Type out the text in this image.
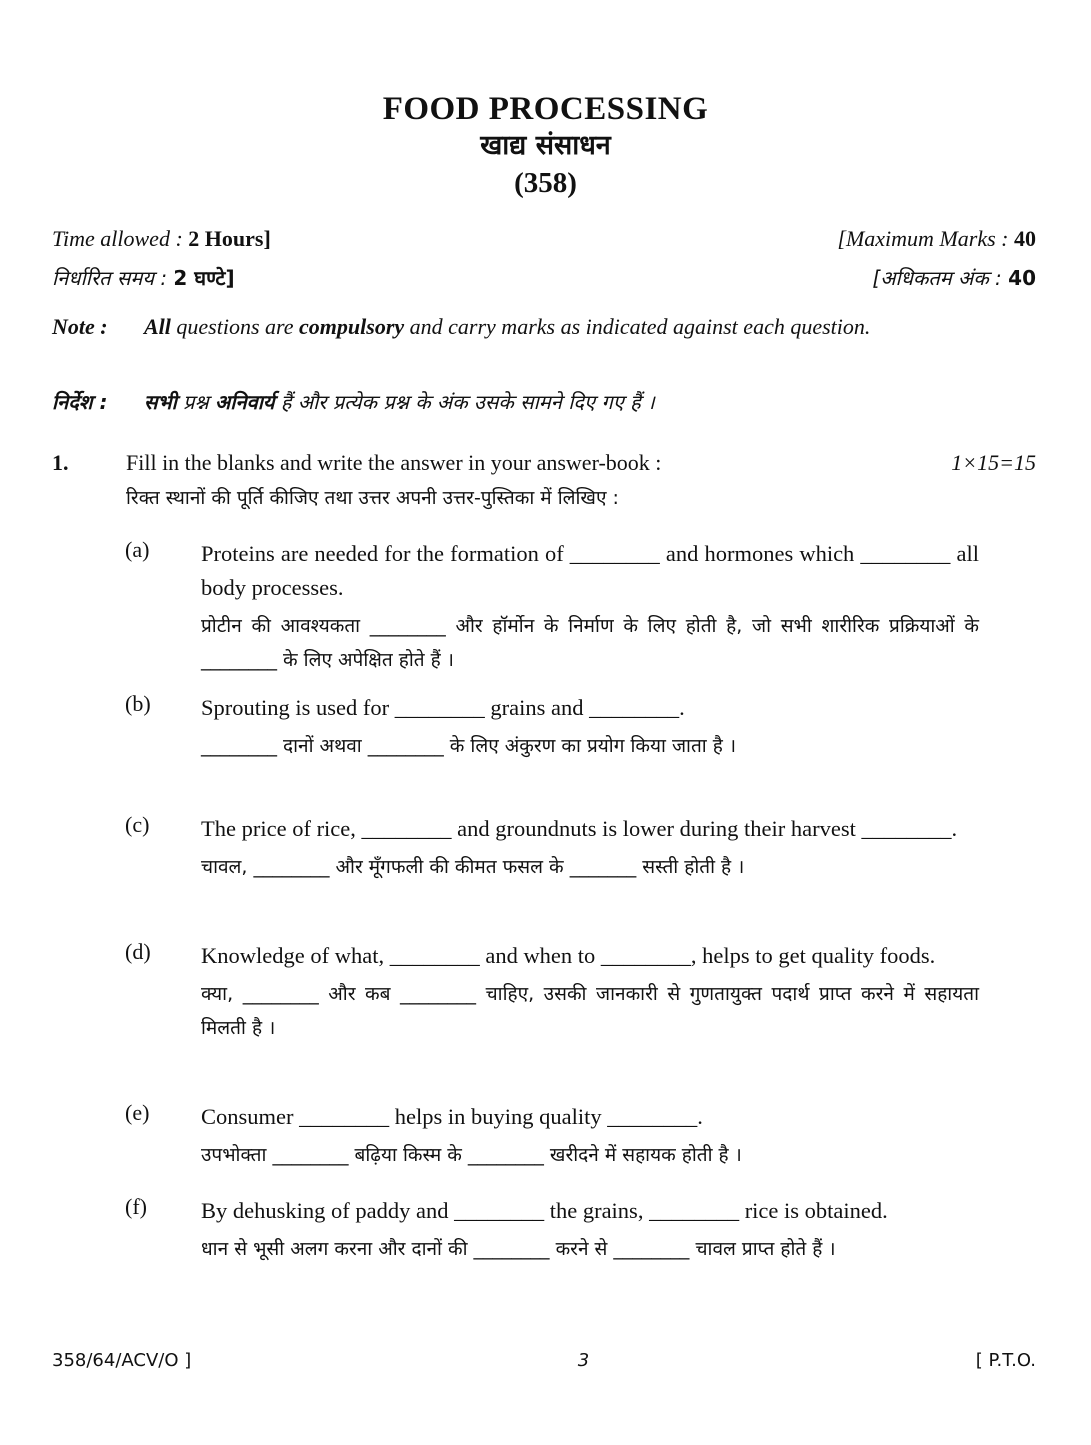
FOOD PROCESSING
खाद्य संसाधन
(358)
Time allowed : 2 Hours]	[Maximum Marks : 40
निर्धारित समय : 2 घण्टे]	[अधिकतम अंक : 40
Note :	All questions are compulsory and carry marks as indicated against each question.
निर्देश :	सभी प्रश्न अनिवार्य हैं और प्रत्येक प्रश्न के अंक उसके सामने दिए गए हैं ।
1.	Fill in the blanks and write the answer in your answer-book :	1×15=15
रिक्त स्थानों की पूर्ति कीजिए तथा उत्तर अपनी उत्तर-पुस्तिका में लिखिए :
(a) Proteins are needed for the formation of ________ and hormones which ________ all body processes.

प्रोटीन की आवश्यकता ________ और हॉर्मोन के निर्माण के लिए होती है, जो सभी शारीरिक प्रक्रियाओं के ________ के लिए अपेक्षित होते हैं ।

(b) Sprouting is used for ________ grains and ________.

________ दानों अथवा ________ के लिए अंकुरण का प्रयोग किया जाता है ।

(c) The price of rice, ________ and groundnuts is lower during their harvest ________.

चावल, ________ और मूँगफली की कीमत फसल के _______ सस्ती होती है ।

(d) Knowledge of what, ________ and when to ________, helps to get quality foods.

क्या, ________ और कब ________ चाहिए, उसकी जानकारी से गुणतायुक्त पदार्थ प्राप्त करने में सहायता मिलती है ।

(e) Consumer ________ helps in buying quality ________.

उपभोक्ता ________ बढ़िया किस्म के ________ खरीदने में सहायक होती है ।

(f) By dehusking of paddy and ________ the grains, ________ rice is obtained.

धान से भूसी अलग करना और दानों की ________ करने से ________ चावल प्राप्त होते हैं ।

358/64/ACV/O ]	3	[ P.T.O.
